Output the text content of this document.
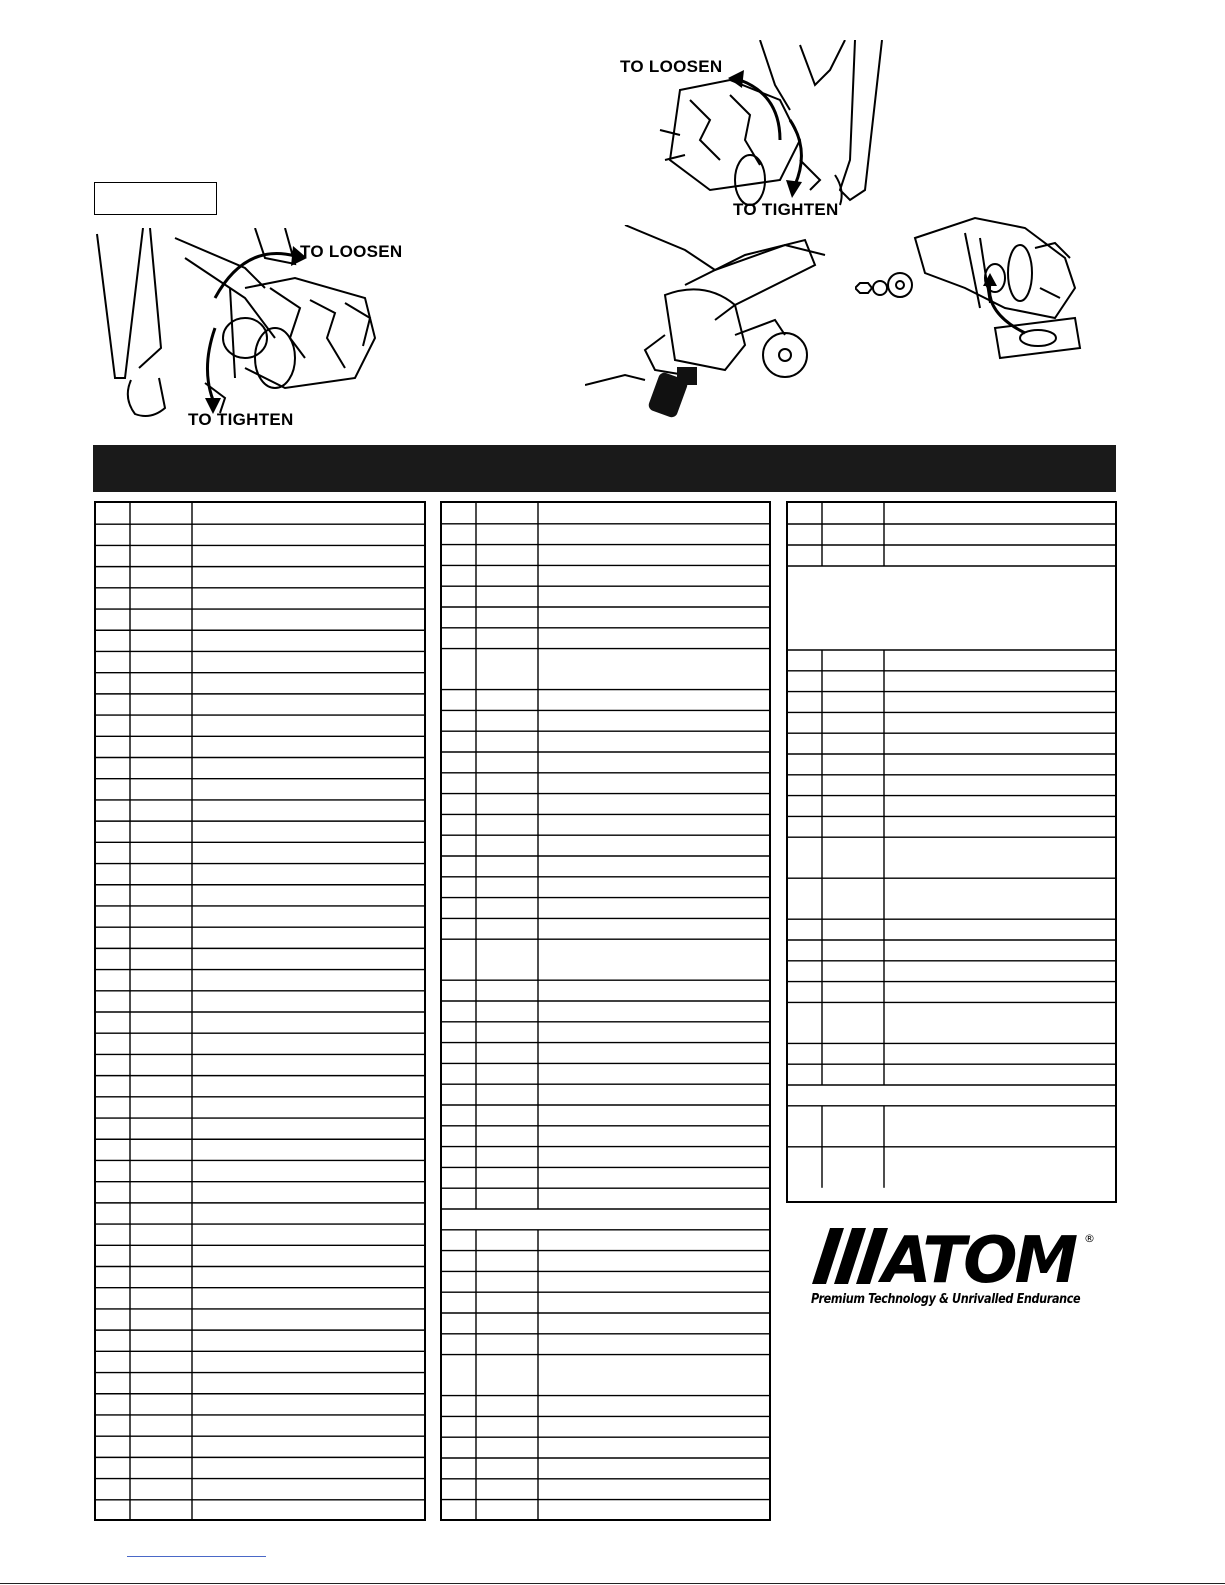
TO LOOSEN
TO TIGHTEN
TO LOOSEN
TO TIGHTEN
ATOM ®
Premium Technology & Unrivalled Endurance
